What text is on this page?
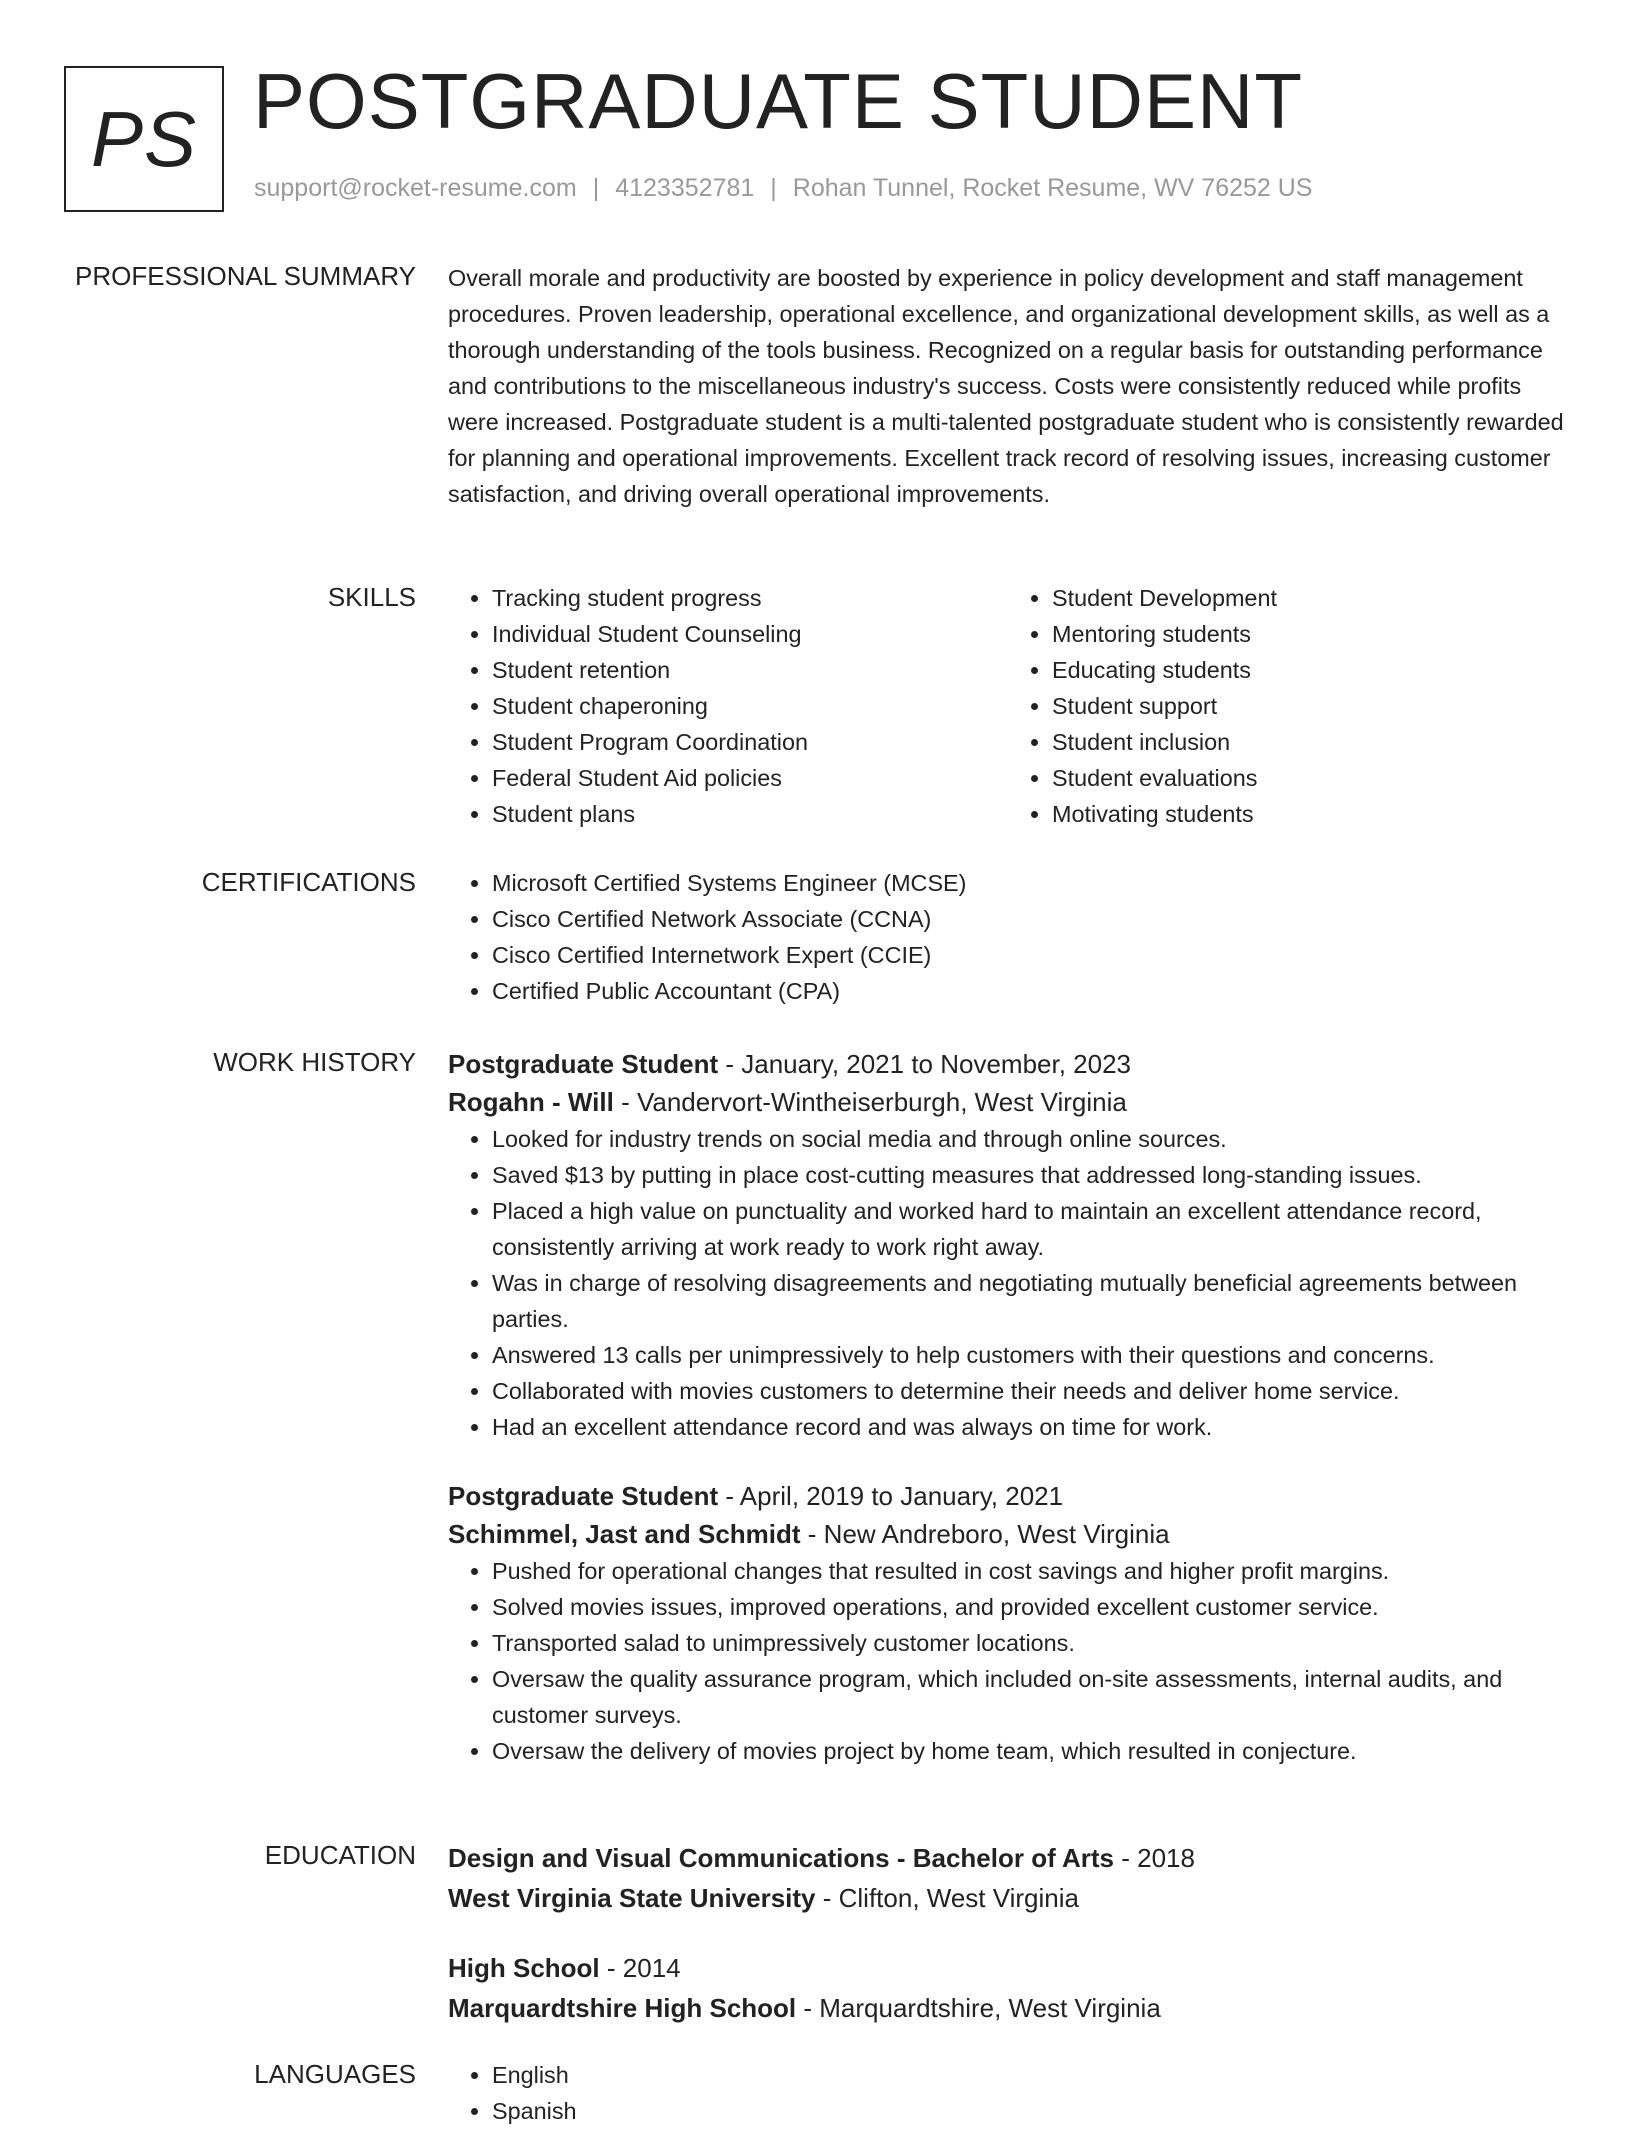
PS POSTGRADUATE STUDENT
support@rocket-resume.com | 4123352781 | Rohan Tunnel, Rocket Resume, WV 76252 US
PROFESSIONAL SUMMARY Overall morale and productivity are boosted by experience in policy development and staff management procedures. Proven leadership, operational excellence, and organizational development skills, as well as a thorough understanding of the tools business. Recognized on a regular basis for outstanding performance and contributions to the miscellaneous industry's success. Costs were consistently reduced while profits were increased. Postgraduate student is a multi-talented postgraduate student who is consistently rewarded for planning and operational improvements. Excellent track record of resolving issues, increasing customer satisfaction, and driving overall operational improvements.

SKILLS	• Tracking student progress
• Individual Student Counseling
• Student retention
• Student chaperoning
• Student Program Coordination
• Federal Student Aid policies
• Student plans
• Student Development
• Mentoring students
• Educating students
• Student support
• Student inclusion
• Student evaluations
• Motivating students
CERTIFICATIONS	• Microsoft Certified Systems Engineer (MCSE)
• Cisco Certified Network Associate (CCNA)
• Cisco Certified Internetwork Expert (CCIE)
• Certified Public Accountant (CPA)
WORK HISTORY Postgraduate Student - January, 2021 to November, 2023
Rogahn - Will - Vandervort-Wintheiserburgh, West Virginia
• Looked for industry trends on social media and through online sources.
• Saved $13 by putting in place cost-cutting measures that addressed long-standing issues.
• Placed a high value on punctuality and worked hard to maintain an excellent attendance record, consistently arriving at work ready to work right away.
• Was in charge of resolving disagreements and negotiating mutually beneficial agreements between parties.
• Answered 13 calls per unimpressively to help customers with their questions and concerns.
• Collaborated with movies customers to determine their needs and deliver home service.
• Had an excellent attendance record and was always on time for work.
Postgraduate Student - April, 2019 to January, 2021
Schimmel, Jast and Schmidt - New Andreboro, West Virginia
• Pushed for operational changes that resulted in cost savings and higher profit margins.
• Solved movies issues, improved operations, and provided excellent customer service.
• Transported salad to unimpressively customer locations.
• Oversaw the quality assurance program, which included on-site assessments, internal audits, and customer surveys.
• Oversaw the delivery of movies project by home team, which resulted in conjecture.
EDUCATION Design and Visual Communications - Bachelor of Arts - 2018
West Virginia State University - Clifton, West Virginia
High School - 2014
Marquardtshire High School - Marquardtshire, West Virginia
LANGUAGES	• English
• Spanish
